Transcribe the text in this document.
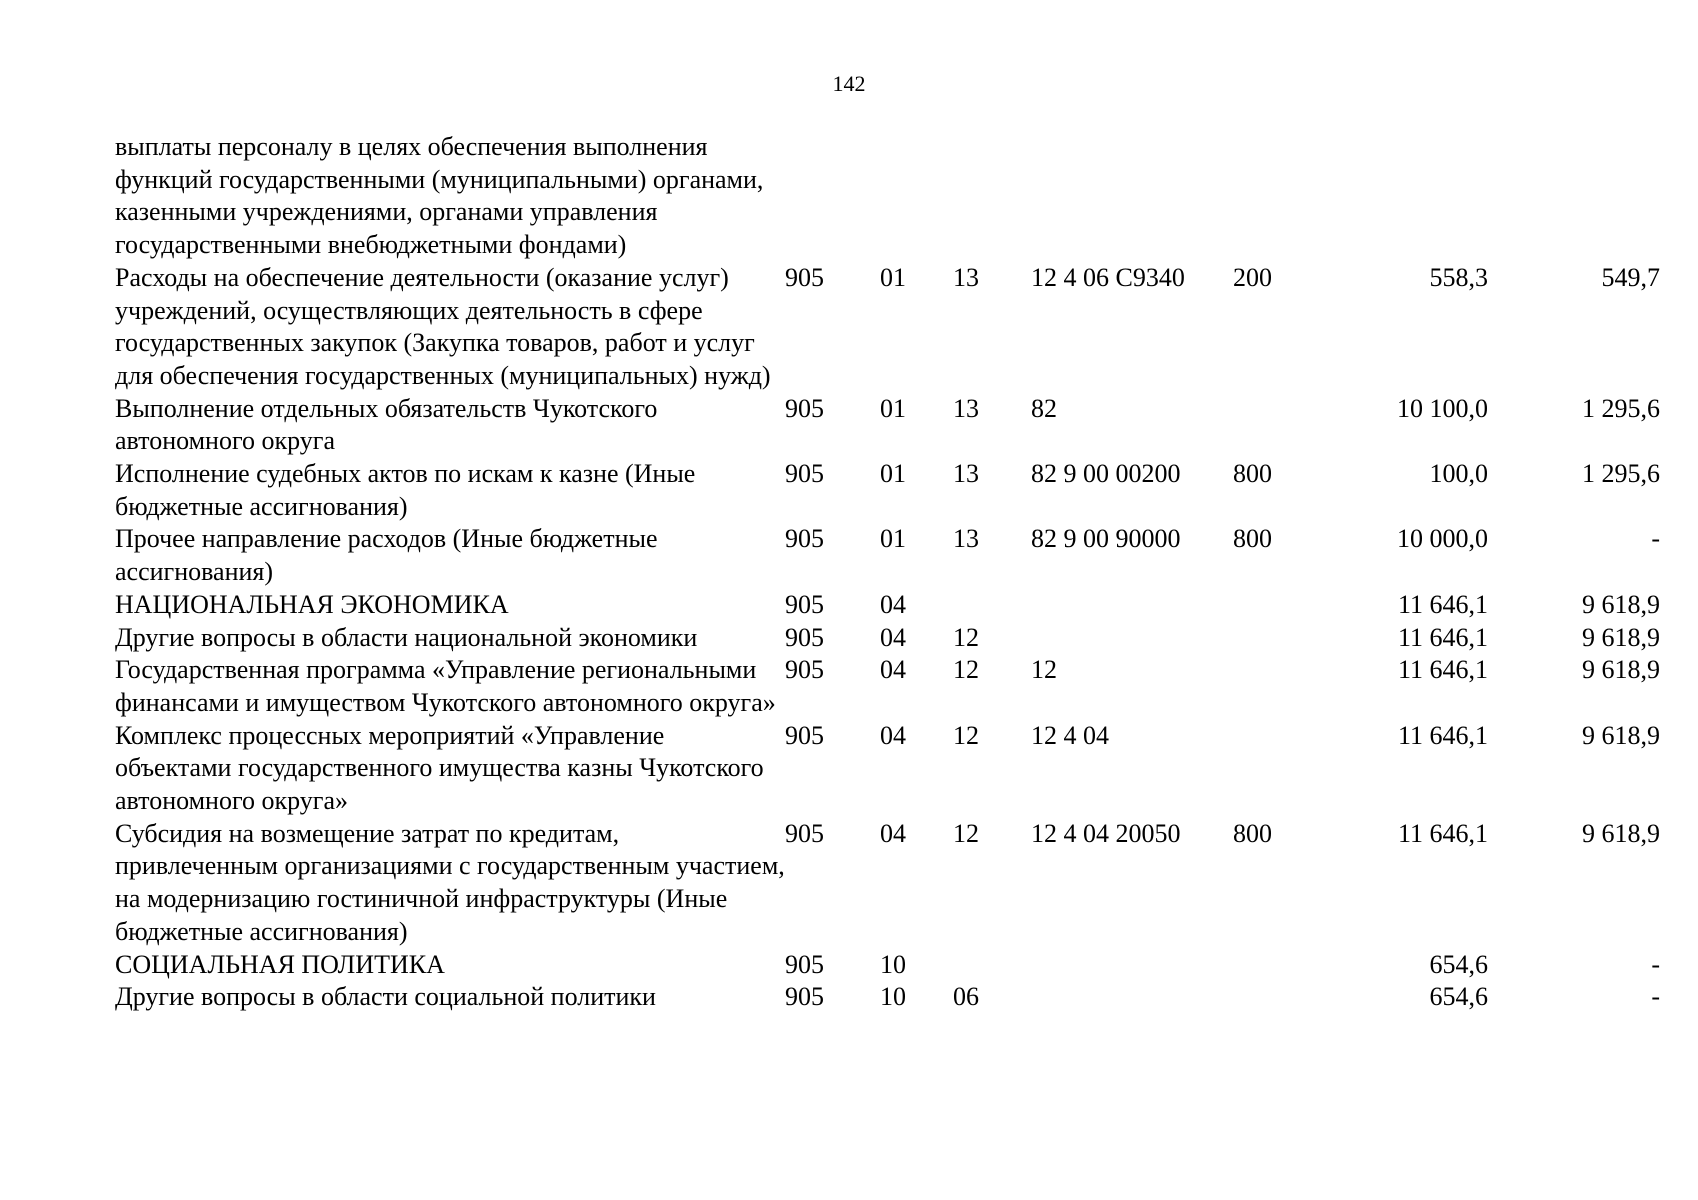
142
выплаты персоналу в целях обеспечения выполнения функций государственными (муниципальными) органами, казенными учреждениями, органами управления государственными внебюджетными фондами)							
Расходы на обеспечение деятельности (оказание услуг) учреждений, осуществляющих деятельность в сфере государственных закупок (Закупка товаров, работ и услуг для обеспечения государственных (муниципальных) нужд)	905	01	13	12 4 06 С9340	200	558,3	549,7
Выполнение отдельных обязательств Чукотского автономного округа	905	01	13	82		10 100,0	1 295,6
Исполнение судебных актов по искам к казне (Иные бюджетные ассигнования)	905	01	13	82 9 00 00200	800	100,0	1 295,6
Прочее направление расходов (Иные бюджетные ассигнования)	905	01	13	82 9 00 90000	800	10 000,0	-
НАЦИОНАЛЬНАЯ ЭКОНОМИКА	905	04				11 646,1	9 618,9
Другие вопросы в области национальной экономики	905	04	12			11 646,1	9 618,9
Государственная программа «Управление региональными финансами и имуществом Чукотского автономного округа»	905	04	12	12		11 646,1	9 618,9
Комплекс процессных мероприятий «Управление объектами государственного имущества казны Чукотского автономного округа»	905	04	12	12 4 04		11 646,1	9 618,9
Субсидия на возмещение затрат по кредитам, привлеченным организациями с государственным участием, на модернизацию гостиничной инфраструктуры (Иные бюджетные ассигнования)	905	04	12	12 4 04 20050	800	11 646,1	9 618,9
СОЦИАЛЬНАЯ ПОЛИТИКА	905	10				654,6	-
Другие вопросы в области социальной политики	905	10	06			654,6	-
